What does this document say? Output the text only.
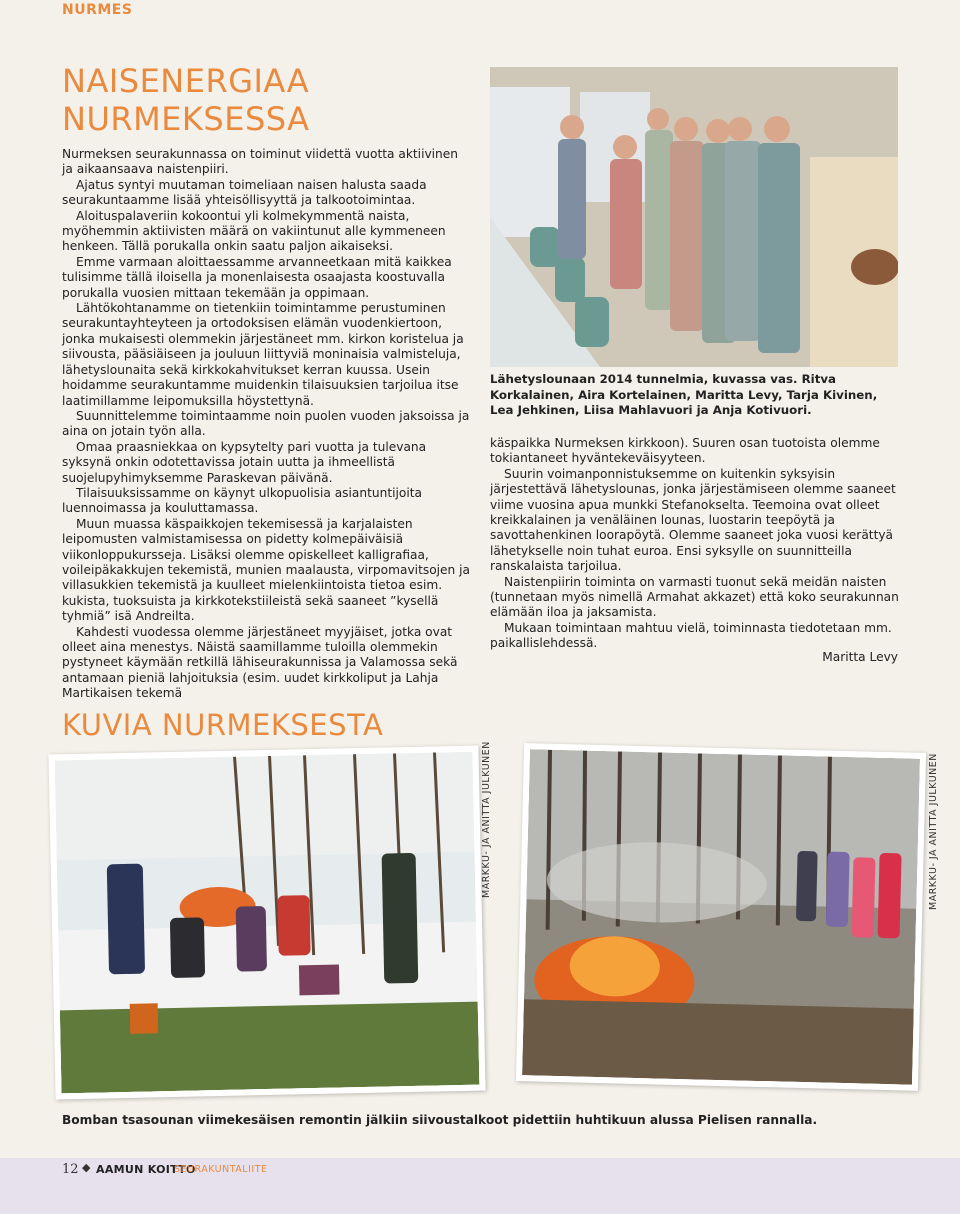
NURMES
NAISENERGIAA
NURMEKSESSA

Nurmeksen seurakunnassa on toiminut viidettä vuotta aktiivinen ja aikaansaava naistenpiiri.

Ajatus syntyi muutaman toimeliaan naisen halusta saada seurakuntaamme lisää yhteisöllisyyttä ja talkootoimintaa.

Aloituspalaveriin kokoontui yli kolmekymmentä naista, myöhemmin aktiivisten määrä on vakiintunut alle kymmeneen henkeen. Tällä porukalla onkin saatu paljon aikaiseksi.

Emme varmaan aloittaessamme arvanneetkaan mitä kaikkea tulisimme tällä iloisella ja monenlaisesta osaajasta koostuvalla porukalla vuosien mittaan tekemään ja oppimaan.

Lähtökohtanamme on tietenkiin toimintamme perustuminen seurakuntayhteyteen ja ortodoksisen elämän vuodenkiertoon, jonka mukaisesti olemmekin järjestäneet mm. kirkon koristelua ja siivousta, pääsiäiseen ja jouluun liittyviä moninaisia valmisteluja, lähetyslounaita sekä kirkkokahvitukset kerran kuussa. Usein hoidamme seurakuntamme muidenkin tilaisuuksien tarjoilua itse laatimillamme leipomuksilla höystettynä.

Suunnittelemme toimintaamme noin puolen vuoden jaksoissa ja aina on jotain työn alla.

Omaa praasniekkaa on kypsytelty pari vuotta ja tulevana syksynä onkin odotettavissa jotain uutta ja ihmeellistä suojelupyhimyksemme Paraskevan päivänä.

Tilaisuuksissamme on käynyt ulkopuolisia asiantuntijoita luennoimassa ja kouluttamassa.

Muun muassa käspaikkojen tekemisessä ja karjalaisten leipomusten valmistamisessa on pidetty kolmepäiväisiä viikonloppukursseja. Lisäksi olemme opiskelleet kalligrafiaa, voileipäkakkujen tekemistä, munien maalausta, virpomavitsojen ja villasukkien tekemistä ja kuulleet mielenkiintoista tietoa esim. kukista, tuoksuista ja kirkkotekstiileistä sekä saaneet ”kysellä tyhmiä” isä Andreilta.

Kahdesti vuodessa olemme järjestäneet myyjäiset, jotka ovat olleet aina menestys. Näistä saamillamme tuloilla olemmekin pystyneet käymään retkillä lähiseurakunnissa ja Valamossa sekä antamaan pieniä lahjoituksia (esim. uudet kirkkoliput ja Lahja Martikaisen tekemä

Lähetyslounaan 2014 tunnelmia, kuvassa vas. Ritva Korkalainen, Aira Kortelainen, Maritta Levy, Tarja Kivinen, Lea Jehkinen, Liisa Mahlavuori ja Anja Kotivuori.

käspaikka Nurmeksen kirkkoon). Suuren osan tuotoista olemme tokiantaneet hyväntekeväisyyteen.

Suurin voimanponnistuksemme on kuitenkin syksyisin järjestettävä lähetyslounas, jonka järjestämiseen olemme saaneet viime vuosina apua munkki Stefanokselta. Teemoina ovat olleet kreikkalainen ja venäläinen lounas, luostarin teepöytä ja savottahenkinen looraрöytä. Olemme saaneet joka vuosi kerättyä lähetykselle noin tuhat euroa. Ensi syksylle on suunnitteilla ranskalaista tarjoilua.

Naistenpiirin toiminta on varmasti tuonut sekä meidän naisten (tunnetaan myös nimellä Armahat akkazet) että koko seurakunnan elämään iloa ja jaksamista.

Mukaan toimintaan mahtuu vielä, toiminnasta tiedotetaan mm. paikallislehdessä.

Maritta Levy
KUVIA NURMEKSESTA
MARKKU- JA ANITTA JULKUNEN	MARKKU- JA ANITTA JULKUNEN
Bomban tsasounan viimekesäisen remontin jälkiin siivoustalkoot pidettiin huhtikuun alussa Pielisen rannalla.
12 ◆ AAMUN KOITTO
SEURAKUNTALIITE
